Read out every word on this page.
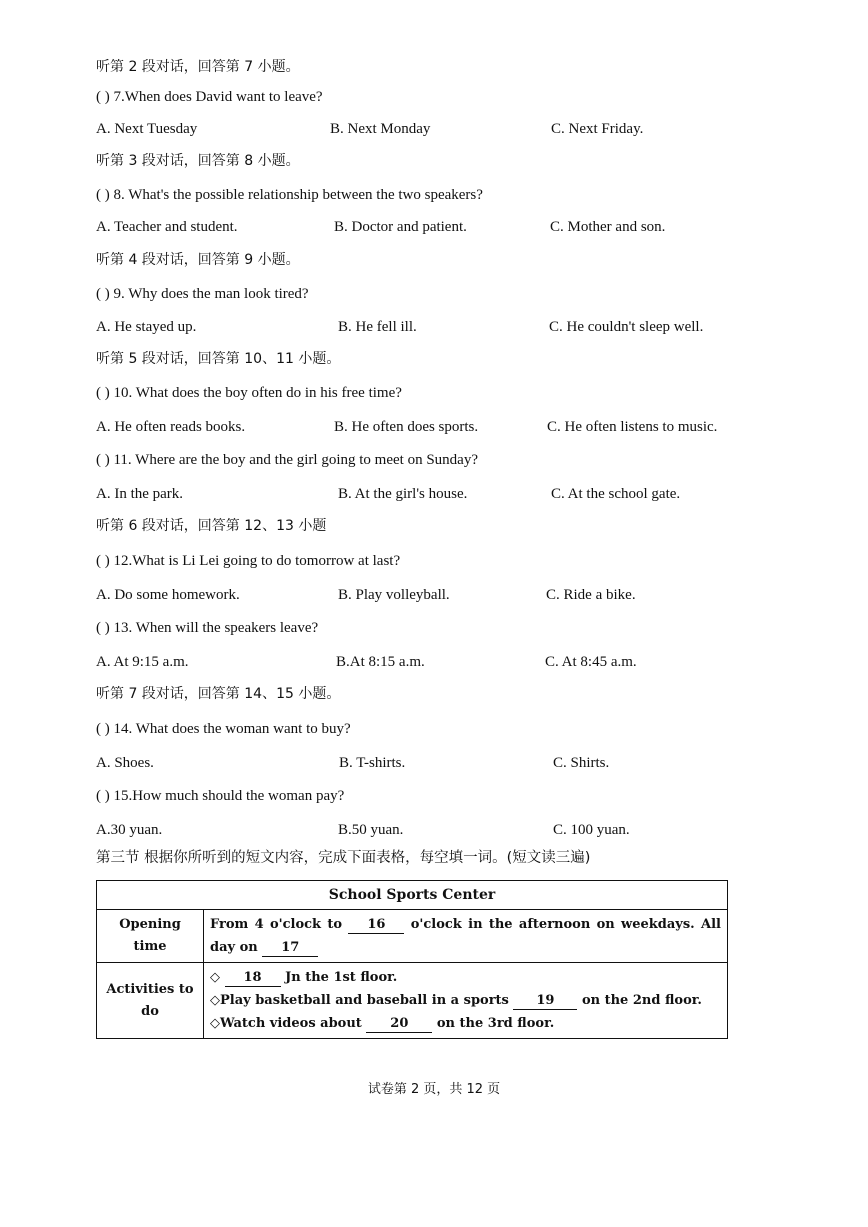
听第 2 段对话，回答第 7 小题。
( ) 7.When does David want to leave?
A. Next Tuesday	B. Next Monday	C. Next Friday.
听第 3 段对话，回答第 8 小题。
( ) 8. What's the possible relationship between the two speakers?
A. Teacher and student.	B. Doctor and patient.	C. Mother and son.
听第 4 段对话，回答第 9 小题。
( ) 9. Why does the man look tired?
A. He stayed up.	B. He fell ill.	C. He couldn't sleep well.
听第 5 段对话，回答第 10、11 小题。
( ) 10. What does the boy often do in his free time?
A. He often reads books.	B. He often does sports.	C. He often listens to music.
( ) 11. Where are the boy and the girl going to meet on Sunday?
A. In the park.	B. At the girl's house.	C. At the school gate.
听第 6 段对话，回答第 12、13 小题
( ) 12.What is Li Lei going to do tomorrow at last?
A. Do some homework.	B. Play volleyball.	C. Ride a bike.
( ) 13. When will the speakers leave?
A. At 9:15 a.m.	B.At 8:15 a.m.	C. At 8:45 a.m.
听第 7 段对话，回答第 14、15 小题。
( ) 14. What does the woman want to buy?
A. Shoes.	B. T-shirts.	C. Shirts.
( ) 15.How much should the woman pay?
A.30 yuan.	B.50 yuan.	C. 100 yuan.
第三节 根据你所听到的短文内容，完成下面表格，每空填一词。(短文读三遍)
School Sports Center	
Opening time	From 4 o'clock to 16 o'clock in the afternoon on weekdays. All day on 17
Activities to do	◇ 18 Jn the 1st floor.
◇Play basketball and baseball in a sports 19 on the 2nd floor.
◇Watch videos about 20 on the 3rd floor.
试卷第 2 页，共 12 页
